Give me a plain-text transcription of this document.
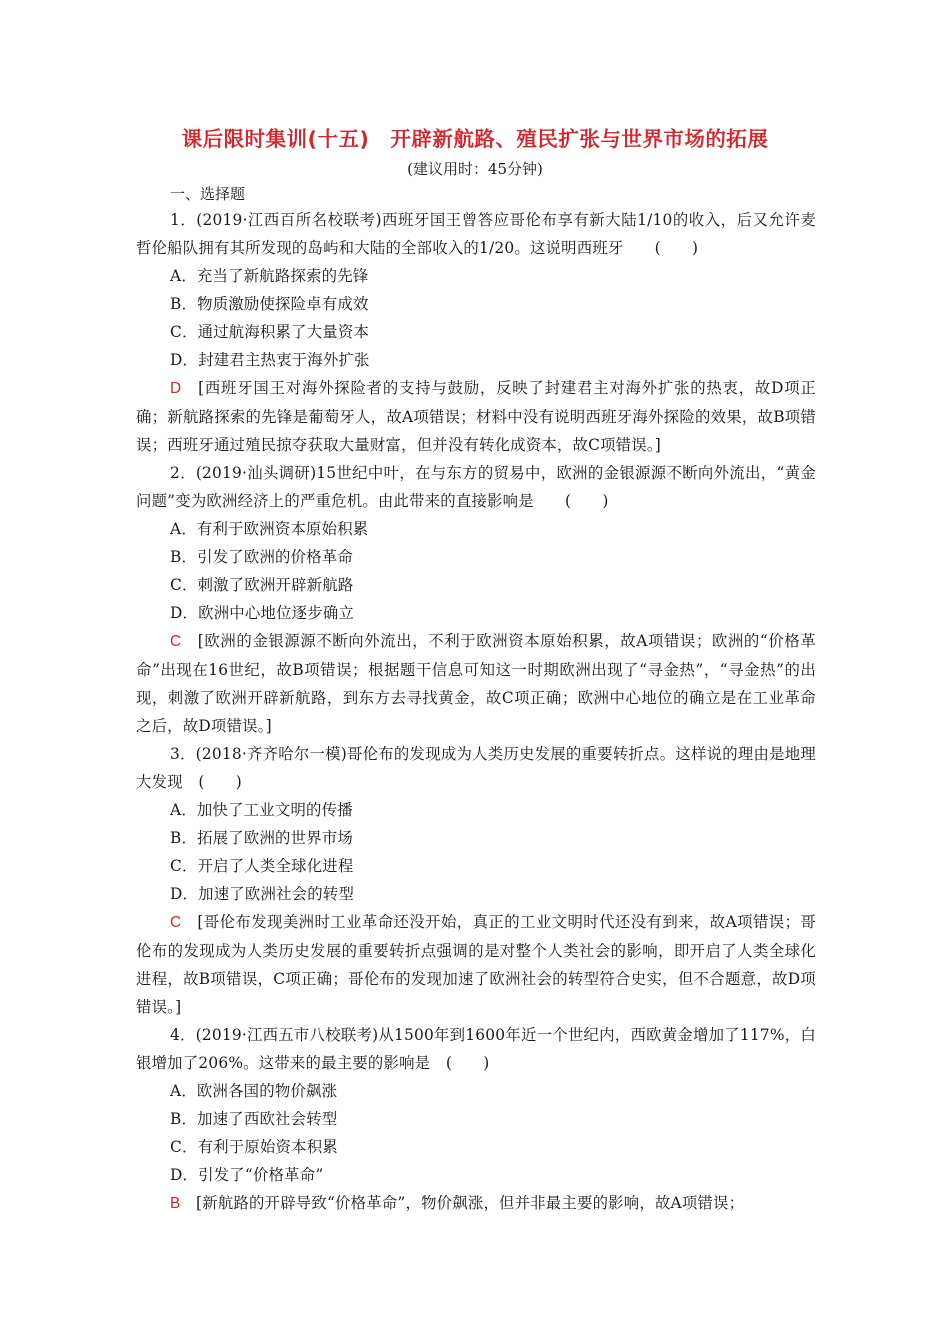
课后限时集训(十五)　开辟新航路、殖民扩张与世界市场的拓展
(建议用时：45分钟)
一、选择题

1．(2019·江西百所名校联考)西班牙国王曾答应哥伦布享有新大陆1/10的收入，后又允许麦哲伦船队拥有其所发现的岛屿和大陆的全部收入的1/20。这说明西班牙　　(　　)

A．充当了新航路探索的先锋

B．物质激励使探险卓有成效

C．通过航海积累了大量资本

D．封建君主热衷于海外扩张

D　[西班牙国王对海外探险者的支持与鼓励，反映了封建君主对海外扩张的热衷，故D项正确；新航路探索的先锋是葡萄牙人，故A项错误；材料中没有说明西班牙海外探险的效果，故B项错误；西班牙通过殖民掠夺获取大量财富，但并没有转化成资本，故C项错误。]

2．(2019·汕头调研)15世纪中叶，在与东方的贸易中，欧洲的金银源源不断向外流出，“黄金问题”变为欧洲经济上的严重危机。由此带来的直接影响是　　(　　)

A．有利于欧洲资本原始积累

B．引发了欧洲的价格革命

C．刺激了欧洲开辟新航路

D．欧洲中心地位逐步确立

C　[欧洲的金银源源不断向外流出，不利于欧洲资本原始积累，故A项错误；欧洲的“价格革命”出现在16世纪，故B项错误；根据题干信息可知这一时期欧洲出现了“寻金热”，“寻金热”的出现，刺激了欧洲开辟新航路，到东方去寻找黄金，故C项正确；欧洲中心地位的确立是在工业革命之后，故D项错误。]

3．(2018·齐齐哈尔一模)哥伦布的发现成为人类历史发展的重要转折点。这样说的理由是地理大发现　(　　)

A．加快了工业文明的传播

B．拓展了欧洲的世界市场

C．开启了人类全球化进程

D．加速了欧洲社会的转型

C　[哥伦布发现美洲时工业革命还没开始，真正的工业文明时代还没有到来，故A项错误；哥伦布的发现成为人类历史发展的重要转折点强调的是对整个人类社会的影响，即开启了人类全球化进程，故B项错误，C项正确；哥伦布的发现加速了欧洲社会的转型符合史实，但不合题意，故D项错误。]

4．(2019·江西五市八校联考)从1500年到1600年近一个世纪内，西欧黄金增加了117%，白银增加了206%。这带来的最主要的影响是　(　　)

A．欧洲各国的物价飙涨

B．加速了西欧社会转型

C．有利于原始资本积累

D．引发了“价格革命”

B　[新航路的开辟导致“价格革命”，物价飙涨，但并非最主要的影响，故A项错误；
